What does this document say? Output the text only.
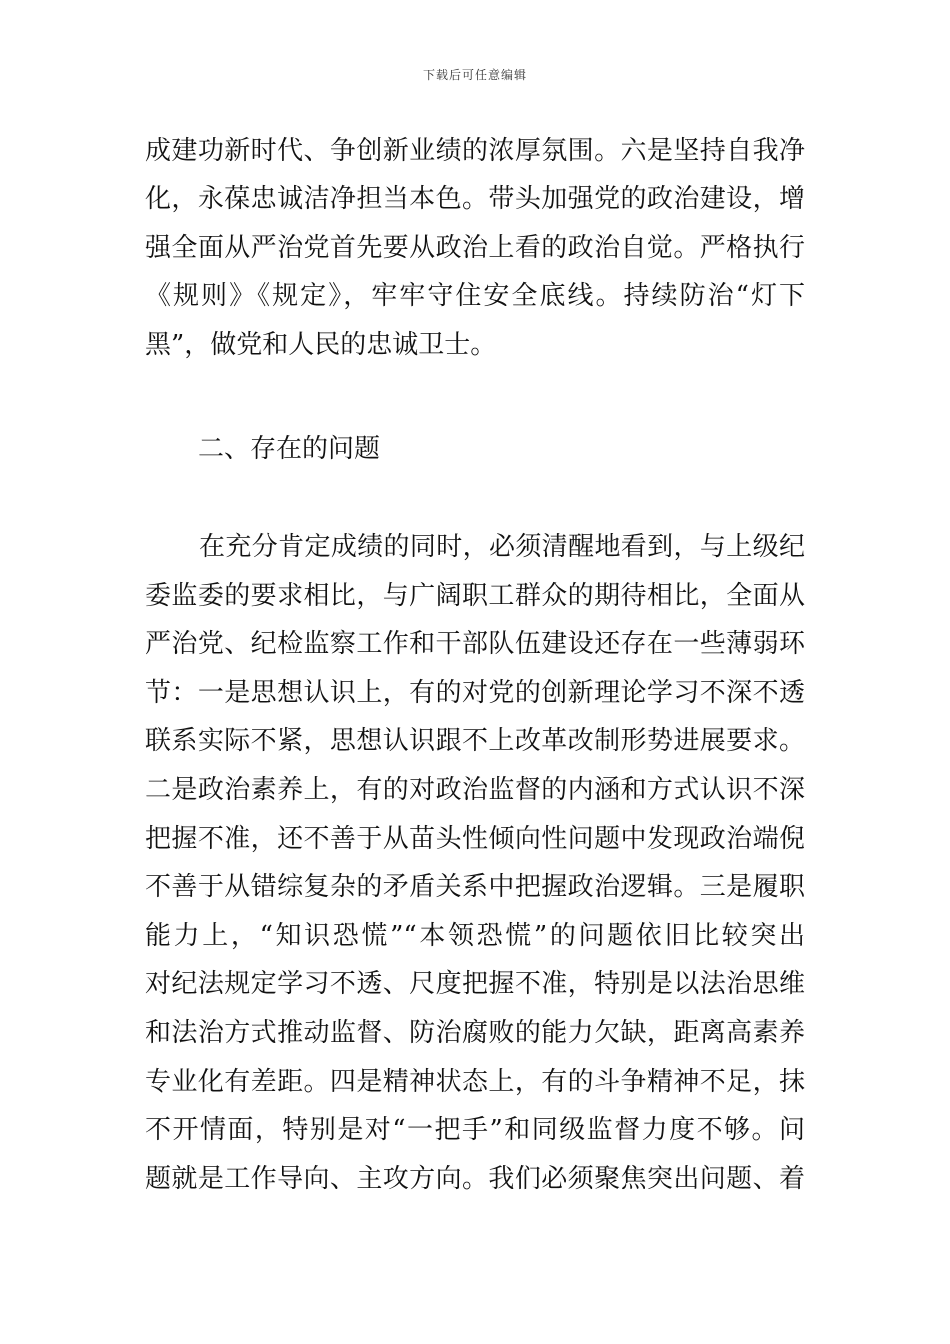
下载后可任意编辑
成建功新时代、争创新业绩的浓厚氛围。六是坚持自我净
化，永葆忠诚洁净担当本色。带头加强党的政治建设，增
强全面从严治党首先要从政治上看的政治自觉。严格执行
《规则》《规定》，牢牢守住安全底线。持续防治“灯下
黑”，做党和人民的忠诚卫士。
二、存在的问题
在充分肯定成绩的同时，必须清醒地看到，与上级纪
委监委的要求相比，与广阔职工群众的期待相比，全面从
严治党、纪检监察工作和干部队伍建设还存在一些薄弱环
节：一是思想认识上，有的对党的创新理论学习不深不透
联系实际不紧，思想认识跟不上改革改制形势进展要求。
二是政治素养上，有的对政治监督的内涵和方式认识不深
把握不准，还不善于从苗头性倾向性问题中发现政治端倪
不善于从错综复杂的矛盾关系中把握政治逻辑。三是履职
能力上，“知识恐慌”“本领恐慌”的问题依旧比较突出
对纪法规定学习不透、尺度把握不准，特别是以法治思维
和法治方式推动监督、防治腐败的能力欠缺，距离高素养
专业化有差距。四是精神状态上，有的斗争精神不足，抹
不开情面，特别是对“一把手”和同级监督力度不够。问
题就是工作导向、主攻方向。我们必须聚焦突出问题、着
